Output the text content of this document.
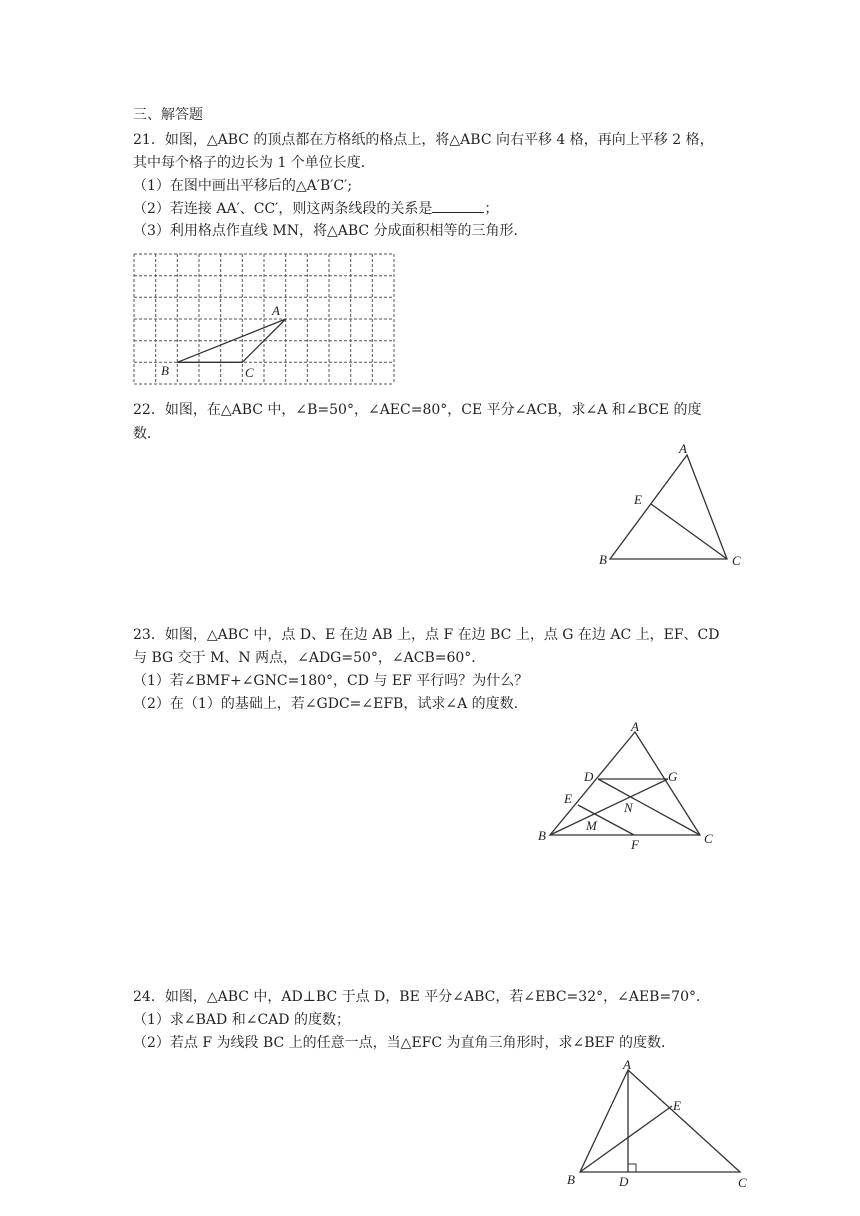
三、解答题
21．如图，△ABC 的顶点都在方格纸的格点上，将△ABC 向右平移 4 格，再向上平移 2 格，
其中每个格子的边长为 1 个单位长度．
（1）在图中画出平移后的△A′B′C′;
（2）若连接 AA′、CC′，则这两条线段的关系是	；
（3）利用格点作直线 MN，将△ABC 分成面积相等的三角形．
A
B	C
22．如图，在△ABC 中，∠B=50°，∠AEC=80°，CE 平分∠ACB，求∠A 和∠BCE 的度
数．
A
E
B	C
23．如图，△ABC 中，点 D、E 在边 AB 上，点 F 在边 BC 上，点 G 在边 AC 上，EF、CD
与 BG 交于 M、N 两点，∠ADG=50°，∠ACB=60°．
（1）若∠BMF+∠GNC=180°，CD 与 EF 平行吗？为什么？
（2）在（1）的基础上，若∠GDC=∠EFB，试求∠A 的度数．
A
D	G
E
N
M
B	C
F
24．如图，△ABC 中，AD⊥BC 于点 D，BE 平分∠ABC，若∠EBC=32°，∠AEB=70°．
（1）求∠BAD 和∠CAD 的度数；
（2）若点 F 为线段 BC 上的任意一点，当△EFC 为直角三角形时，求∠BEF 的度数．
A
E
B	D	C
